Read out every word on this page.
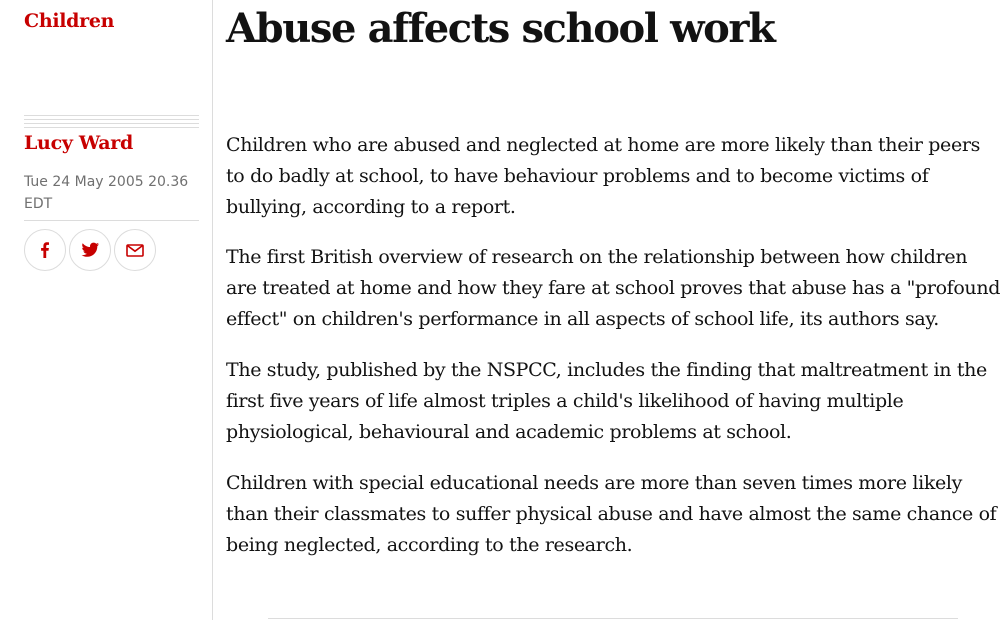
Children
Lucy Ward
Tue 24 May 2005 20.36 EDT
Abuse affects school work

Children who are abused and neglected at home are more likely than their peers to do badly at school, to have behaviour problems and to become victims of bullying, according to a report.

The first British overview of research on the relationship between how children are treated at home and how they fare at school proves that abuse has a "profound effect" on children's performance in all aspects of school life, its authors say.

The study, published by the NSPCC, includes the finding that maltreatment in the first five years of life almost triples a child's likelihood of having multiple physiological, behavioural and academic problems at school.

Children with special educational needs are more than seven times more likely than their classmates to suffer physical abuse and have almost the same chance of being neglected, according to the research.
